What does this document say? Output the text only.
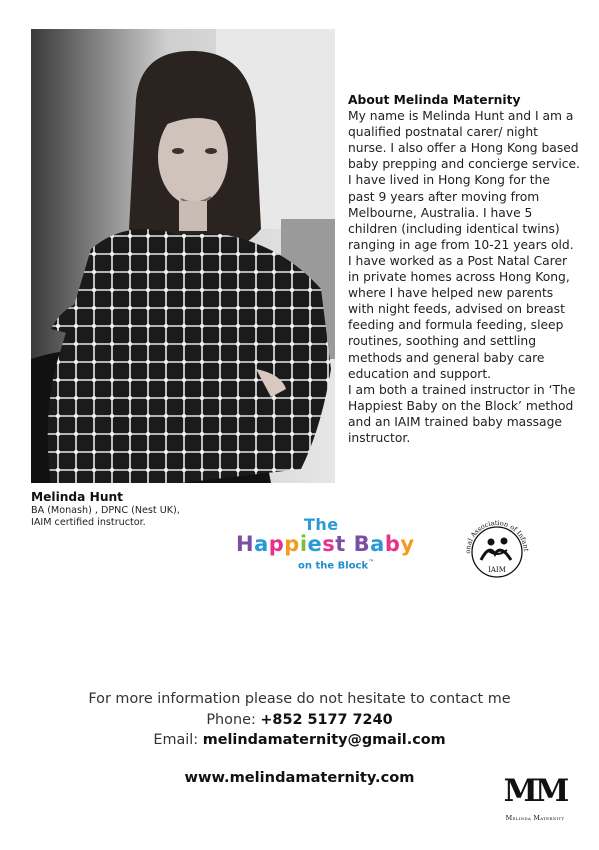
About Melinda Maternity

My name is Melinda Hunt and I am a qualified postnatal carer/ night nurse. I also offer a Hong Kong based baby prepping and concierge service. I have lived in Hong Kong for the past 9 years after moving from Melbourne, Australia. I have 5 children (including identical twins) ranging in age from 10-21 years old. I have worked as a Post Natal Carer in private homes across Hong Kong, where I have helped new parents with night feeds, advised on breast feeding and formula feeding, sleep routines, soothing and settling methods and general baby care education and support.

I am both a trained instructor in ‘The Happiest Baby on the Block’ method and an IAIM trained baby massage instructor.

Melinda Hunt
BA (Monash) , DPNC (Nest UK),
IAIM certified instructor.	The
Happiest Baby
on the Block™
onal Association of Infant
IAIM
For more information please do not hesitate to contact me
Phone: +852 5177 7240
Email: melindamaternity@gmail.com
www.melindamaternity.com	MM
Melinda Maternity
